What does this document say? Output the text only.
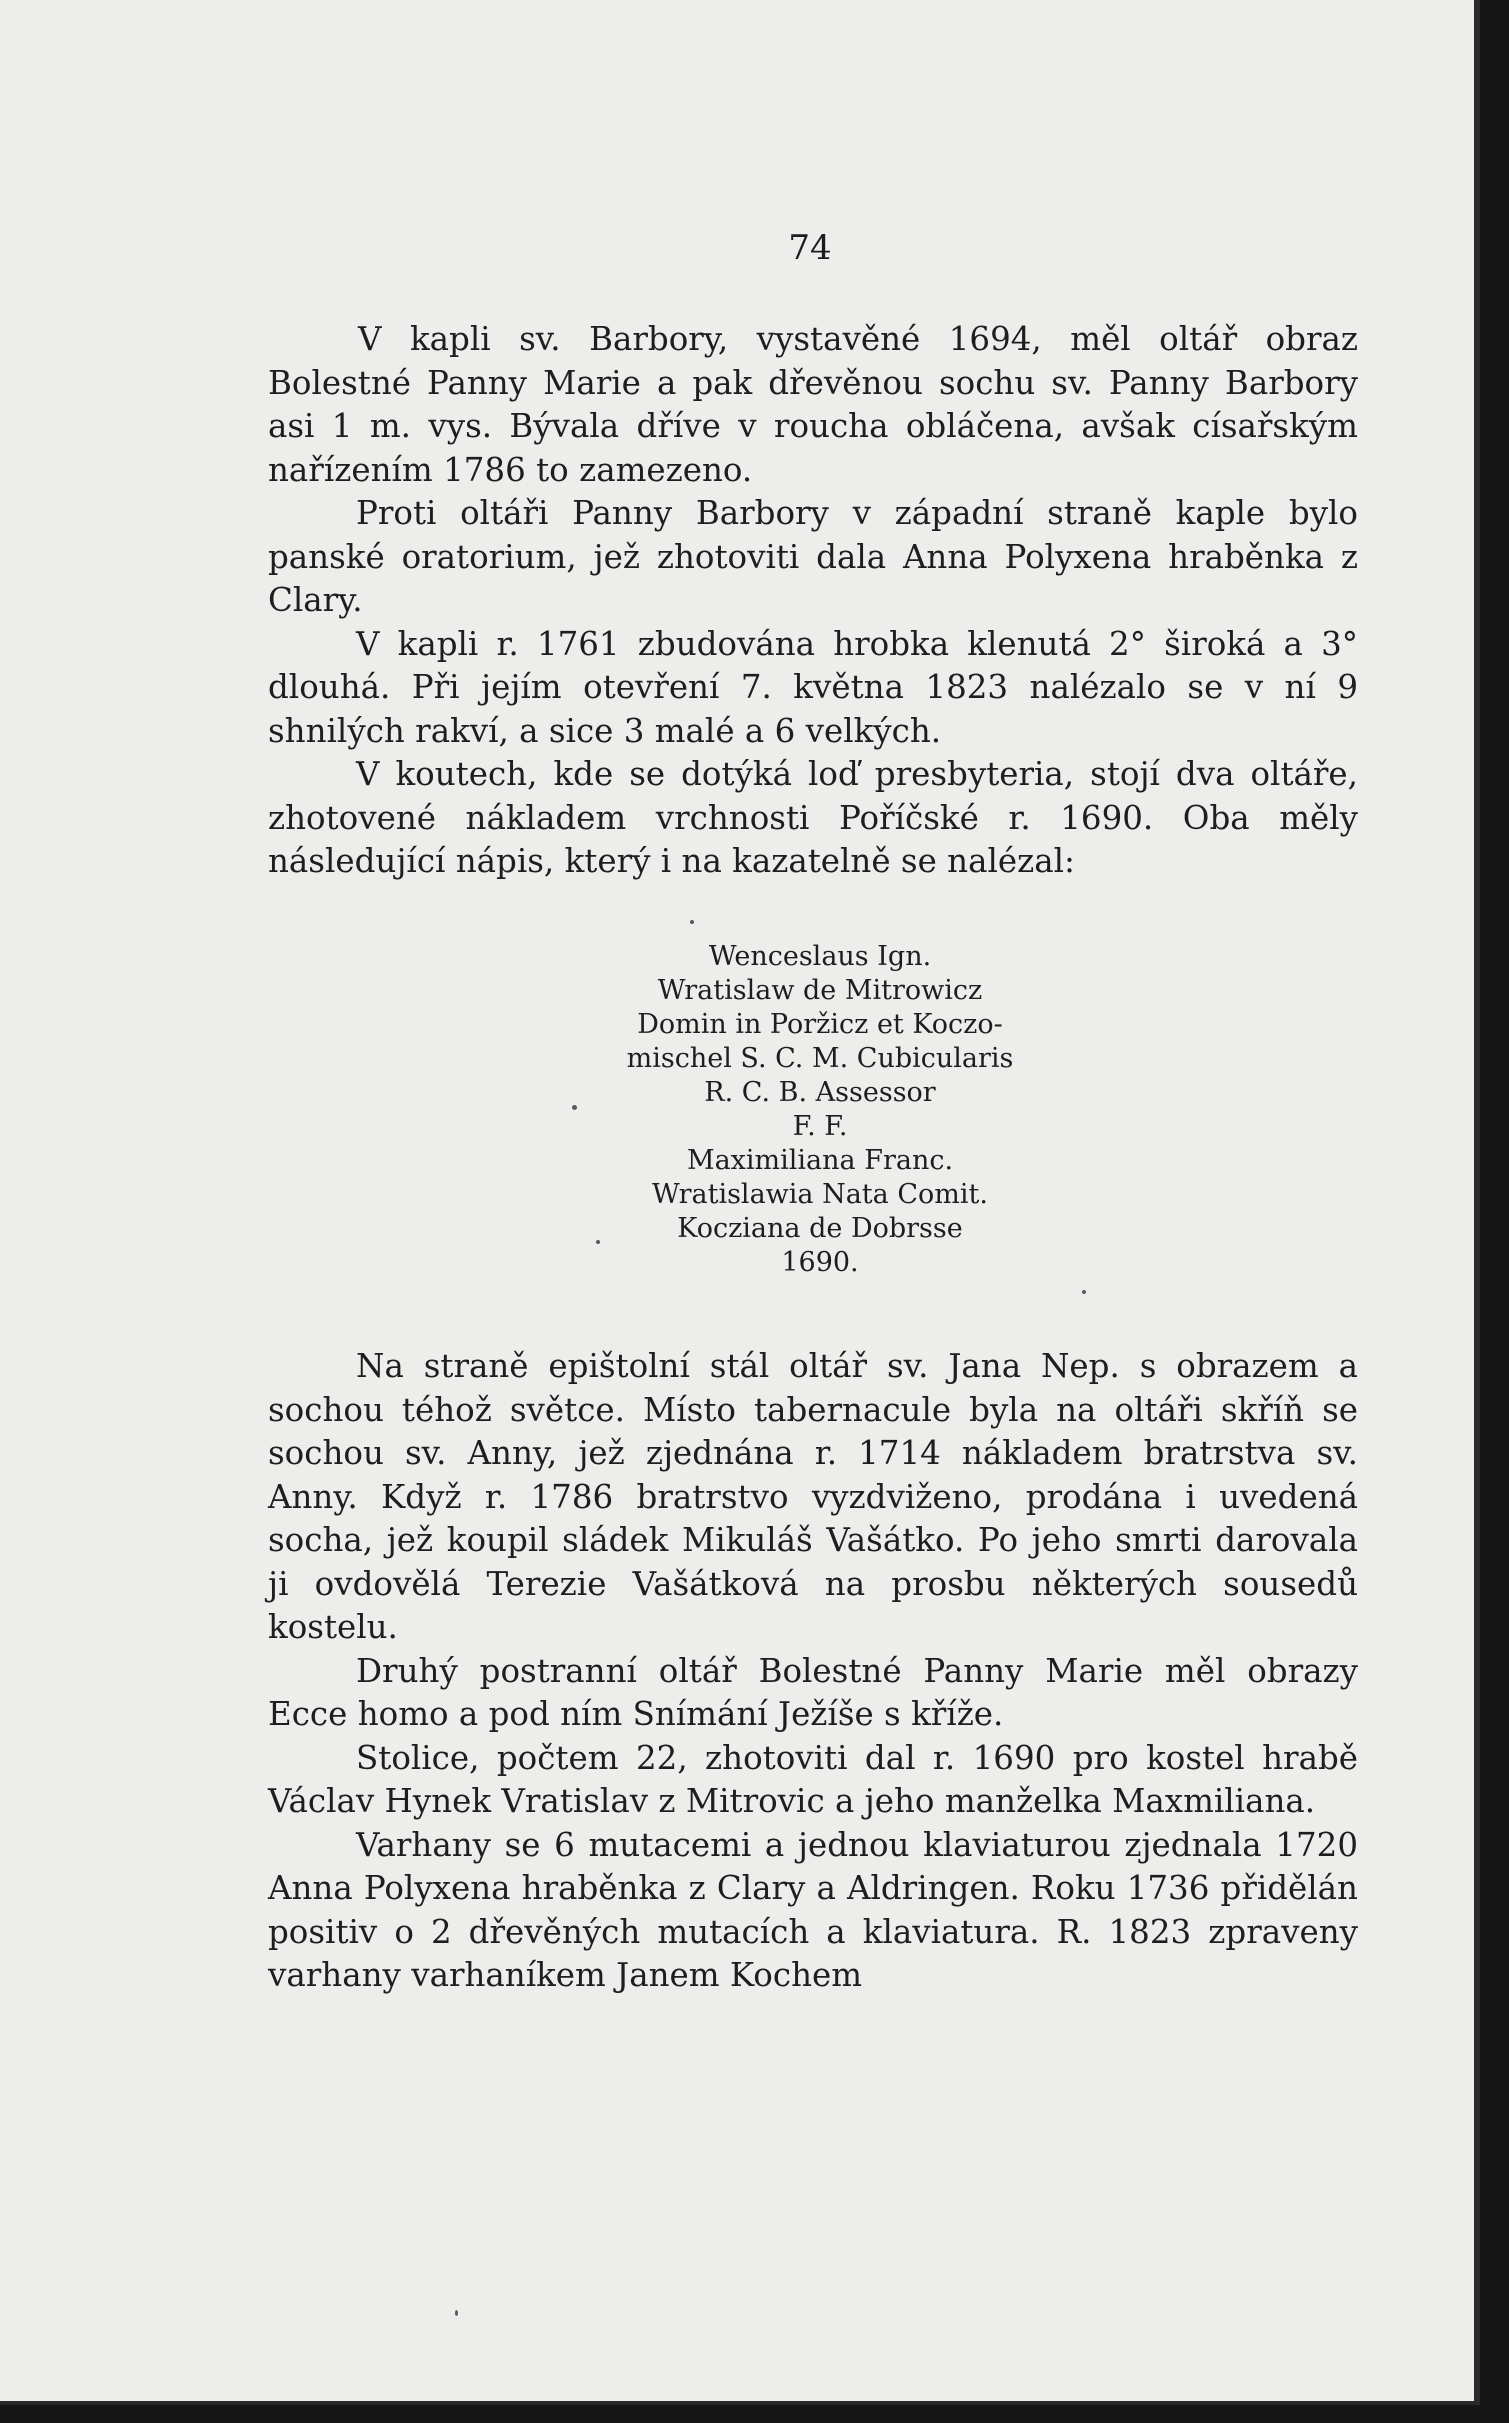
74

V kapli sv. Barbory, vystavěné 1694, měl oltář obraz Bolestné Panny Marie a pak dřevěnou sochu sv. Panny Barbory asi 1 m. vys. Bývala dříve v roucha obláčena, avšak císařským nařízením 1786 to zamezeno.

Proti oltáři Panny Barbory v západní straně kaple bylo panské oratorium, jež zhotoviti dala Anna Polyxena hraběnka z Clary.

V kapli r. 1761 zbudována hrobka klenutá 2° široká a 3° dlouhá. Při jejím otevření 7. května 1823 nalézalo se v ní 9 shnilých rakví, a sice 3 malé a 6 velkých.

V koutech, kde se dotýká loď presbyteria, stojí dva oltáře, zhotovené nákladem vrchnosti Poříčské r. 1690. Oba měly následující nápis, který i na kazatelně se nalézal:

Wenceslaus Ign.
Wratislaw de Mitrowicz
Domin in Poržicz et Koczo-
mischel S. C. M. Cubicularis
R. C. B. Assessor
F. F.
Maximiliana Franc.
Wratislawia Nata Comit.
Kocziana de Dobrsse
1690.

Na straně epištolní stál oltář sv. Jana Nep. s obrazem a sochou téhož světce. Místo tabernacule byla na oltáři skříň se sochou sv. Anny, jež zjednána r. 1714 nákladem bratrstva sv. Anny. Když r. 1786 bratrstvo vyzdviženo, prodána i uvedená socha, jež koupil sládek Mikuláš Vašátko. Po jeho smrti darovala ji ovdovělá Terezie Vašátková na prosbu některých sousedů kostelu.

Druhý postranní oltář Bolestné Panny Marie měl obrazy Ecce homo a pod ním Snímání Ježíše s kříže.

Stolice, počtem 22, zhotoviti dal r. 1690 pro kostel hrabě Václav Hynek Vratislav z Mitrovic a jeho manželka Maxmiliana.

Varhany se 6 mutacemi a jednou klaviaturou zjednala 1720 Anna Polyxena hraběnka z Clary a Aldringen. Roku 1736 přidělán positiv o 2 dřevěných mutacích a klaviatura. R. 1823 zpraveny varhany varhaníkem Janem Kochem
